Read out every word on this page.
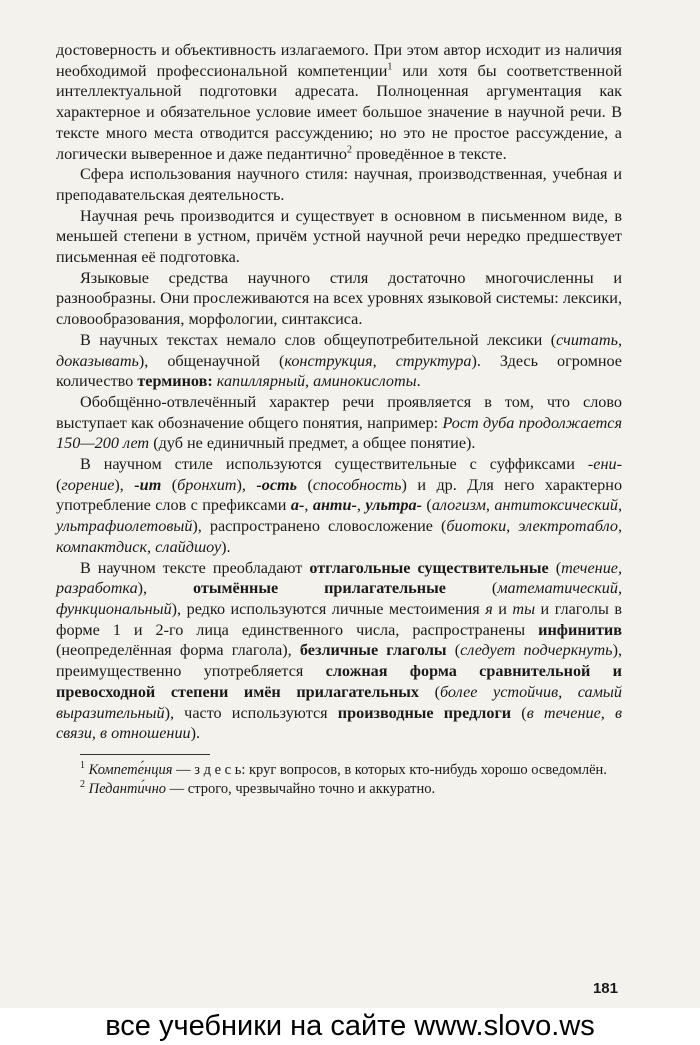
достоверность и объективность излагаемого. При этом автор исходит из наличия необходимой профессиональной компетенции$^1$ или хотя бы соответственной интеллектуальной подготовки адресата. Полноценная аргументация как характерное и обязательное условие имеет большое значение в научной речи. В тексте много места отводится рассуждению; но это не простое рассуждение, а логически выверенное и даже педантично$^2$ проведённое в тексте.

Сфера использования научного стиля: научная, производственная, учебная и преподавательская деятельность.

Научная речь производится и существует в основном в письменном виде, в меньшей степени в устном, причём устной научной речи нередко предшествует письменная её подготовка.

Языковые средства научного стиля достаточно многочисленны и разнообразны. Они прослеживаются на всех уровнях языковой системы: лексики, словообразования, морфологии, синтаксиса.

В научных текстах немало слов общеупотребительной лексики (считать, доказывать), общенаучной (конструкция, структура). Здесь огромное количество терминов: капиллярный, аминокислоты.

Обобщённо-отвлечённый характер речи проявляется в том, что слово выступает как обозначение общего понятия, например: Рост дуба продолжается 150—200 лет (дуб не единичный предмет, а общее понятие).

В научном стиле используются существительные с суффиксами -ени- (горение), -ит (бронхит), -ость (способность) и др. Для него характерно употребление слов с префиксами а-, анти-, ультра- (алогизм, антитоксический, ультрафиолетовый), распространено словосложение (биотоки, электротабло, компактдиск, слайдшоу).

В научном тексте преобладают отглагольные существительные (течение, разработка), отымённые прилагательные (математический, функциональный), редко используются личные местоимения я и ты и глаголы в форме 1 и 2-го лица единственного числа, распространены инфинитив (неопределённая форма глагола), безличные глаголы (следует подчеркнуть), преимущественно употребляется сложная форма сравнительной и превосходной степени имён прилагательных (более устойчив, самый выразительный), часто используются производные предлоги (в течение, в связи, в отношении).

$^1$ Компете́нция — з д е с ь: круг вопросов, в которых кто-нибудь хорошо осведомлён.

$^2$ Педанти́чно — строго, чрезвычайно точно и аккуратно.

181
все учебники на сайте www.slovo.ws
